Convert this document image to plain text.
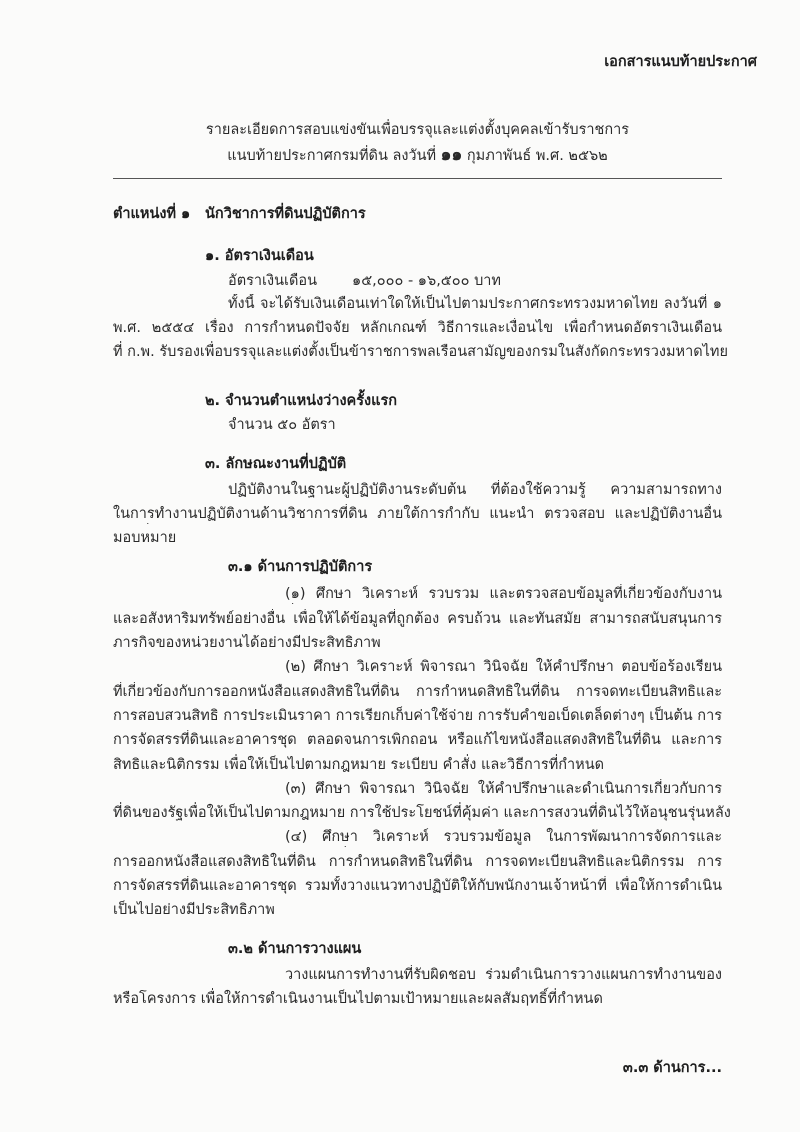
เอกสารแนบท้ายประกาศ
รายละเอียดการสอบแข่งขันเพื่อบรรจุและแต่งตั้งบุคคลเข้ารับราชการ
แนบท้ายประกาศกรมที่ดิน ลงวันที่ ๑๑ กุมภาพันธ์ พ.ศ. ๒๕๖๒
ตำแหน่งที่ ๑ นักวิชาการที่ดินปฏิบัติการ
๑. อัตราเงินเดือน
อัตราเงินเดือน ๑๕,๐๐๐ - ๑๖,๕๐๐ บาท
ทั้งนี้ จะได้รับเงินเดือนเท่าใดให้เป็นไปตามประกาศกระทรวงมหาดไทย ลงวันที่ ๑
พ.ศ. ๒๕๕๔ เรื่อง การกำหนดปัจจัย หลักเกณฑ์ วิธีการและเงื่อนไข เพื่อกำหนดอัตราเงินเดือน
ที่ ก.พ. รับรองเพื่อบรรจุและแต่งตั้งเป็นข้าราชการพลเรือนสามัญของกรมในสังกัดกระทรวงมหาดไทย
๒. จำนวนตำแหน่งว่างครั้งแรก
จำนวน ๕๐ อัตรา
๓. ลักษณะงานที่ปฏิบัติ
ปฏิบัติงานในฐานะผู้ปฏิบัติงานระดับต้น ที่ต้องใช้ความรู้ ความสามารถทาง
ในการทำงานปฏิบัติงานด้านวิชาการที่ดิน ภายใต้การกำกับ แนะนำ ตรวจสอบ และปฏิบัติงานอื่น
มอบหมาย
๓.๑ ด้านการปฏิบัติการ
(๑) ศึกษา วิเคราะห์ รวบรวม และตรวจสอบข้อมูลที่เกี่ยวข้องกับงาน
และอสังหาริมทรัพย์อย่างอื่น เพื่อให้ได้ข้อมูลที่ถูกต้อง ครบถ้วน และทันสมัย สามารถสนับสนุนการ
ภารกิจของหน่วยงานได้อย่างมีประสิทธิภาพ
(๒) ศึกษา วิเคราะห์ พิจารณา วินิจฉัย ให้คำปรึกษา ตอบข้อร้องเรียน
ที่เกี่ยวข้องกับการออกหนังสือแสดงสิทธิในที่ดิน การกำหนดสิทธิในที่ดิน การจดทะเบียนสิทธิและ
การสอบสวนสิทธิ การประเมินราคา การเรียกเก็บค่าใช้จ่าย การรับคำขอเบ็ดเตล็ดต่างๆ เป็นต้น การ
การจัดสรรที่ดินและอาคารชุด ตลอดจนการเพิกถอน หรือแก้ไขหนังสือแสดงสิทธิในที่ดิน และการ
สิทธิและนิติกรรม เพื่อให้เป็นไปตามกฎหมาย ระเบียบ คำสั่ง และวิธีการที่กำหนด
(๓) ศึกษา พิจารณา วินิจฉัย ให้คำปรึกษาและดำเนินการเกี่ยวกับการ
ที่ดินของรัฐเพื่อให้เป็นไปตามกฎหมาย การใช้ประโยชน์ที่คุ้มค่า และการสงวนที่ดินไว้ให้อนุชนรุ่นหลัง
(๔) ศึกษา วิเคราะห์ รวบรวมข้อมูล ในการพัฒนาการจัดการและ
การออกหนังสือแสดงสิทธิในที่ดิน การกำหนดสิทธิในที่ดิน การจดทะเบียนสิทธิและนิติกรรม การ
การจัดสรรที่ดินและอาคารชุด รวมทั้งวางแนวทางปฏิบัติให้กับพนักงานเจ้าหน้าที่ เพื่อให้การดำเนิน
เป็นไปอย่างมีประสิทธิภาพ
๓.๒ ด้านการวางแผน
วางแผนการทำงานที่รับผิดชอบ ร่วมดำเนินการวางแผนการทำงานของ
หรือโครงการ เพื่อให้การดำเนินงานเป็นไปตามเป้าหมายและผลสัมฤทธิ์ที่กำหนด
๓.๓ ด้านการ...
